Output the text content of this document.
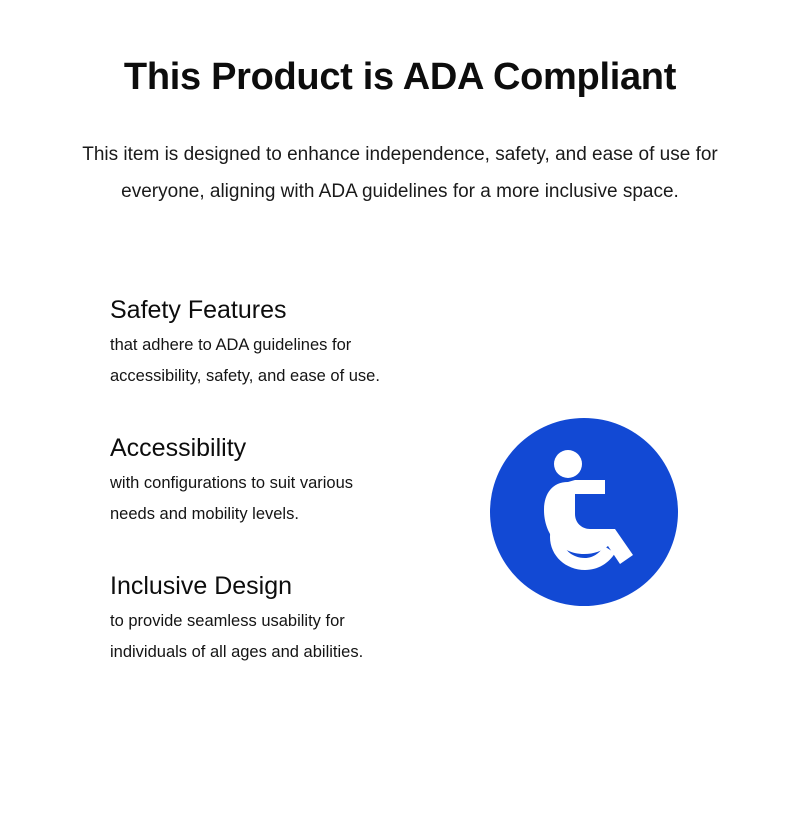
This Product is ADA Compliant
This item is designed to enhance independence, safety, and ease of use for everyone, aligning with ADA guidelines for a more inclusive space.
Safety Features
that adhere to ADA guidelines for accessibility, safety, and ease of use.
Accessibility
with configurations to suit various needs and mobility levels.
Inclusive Design
to provide seamless usability for individuals of all ages and abilities.
